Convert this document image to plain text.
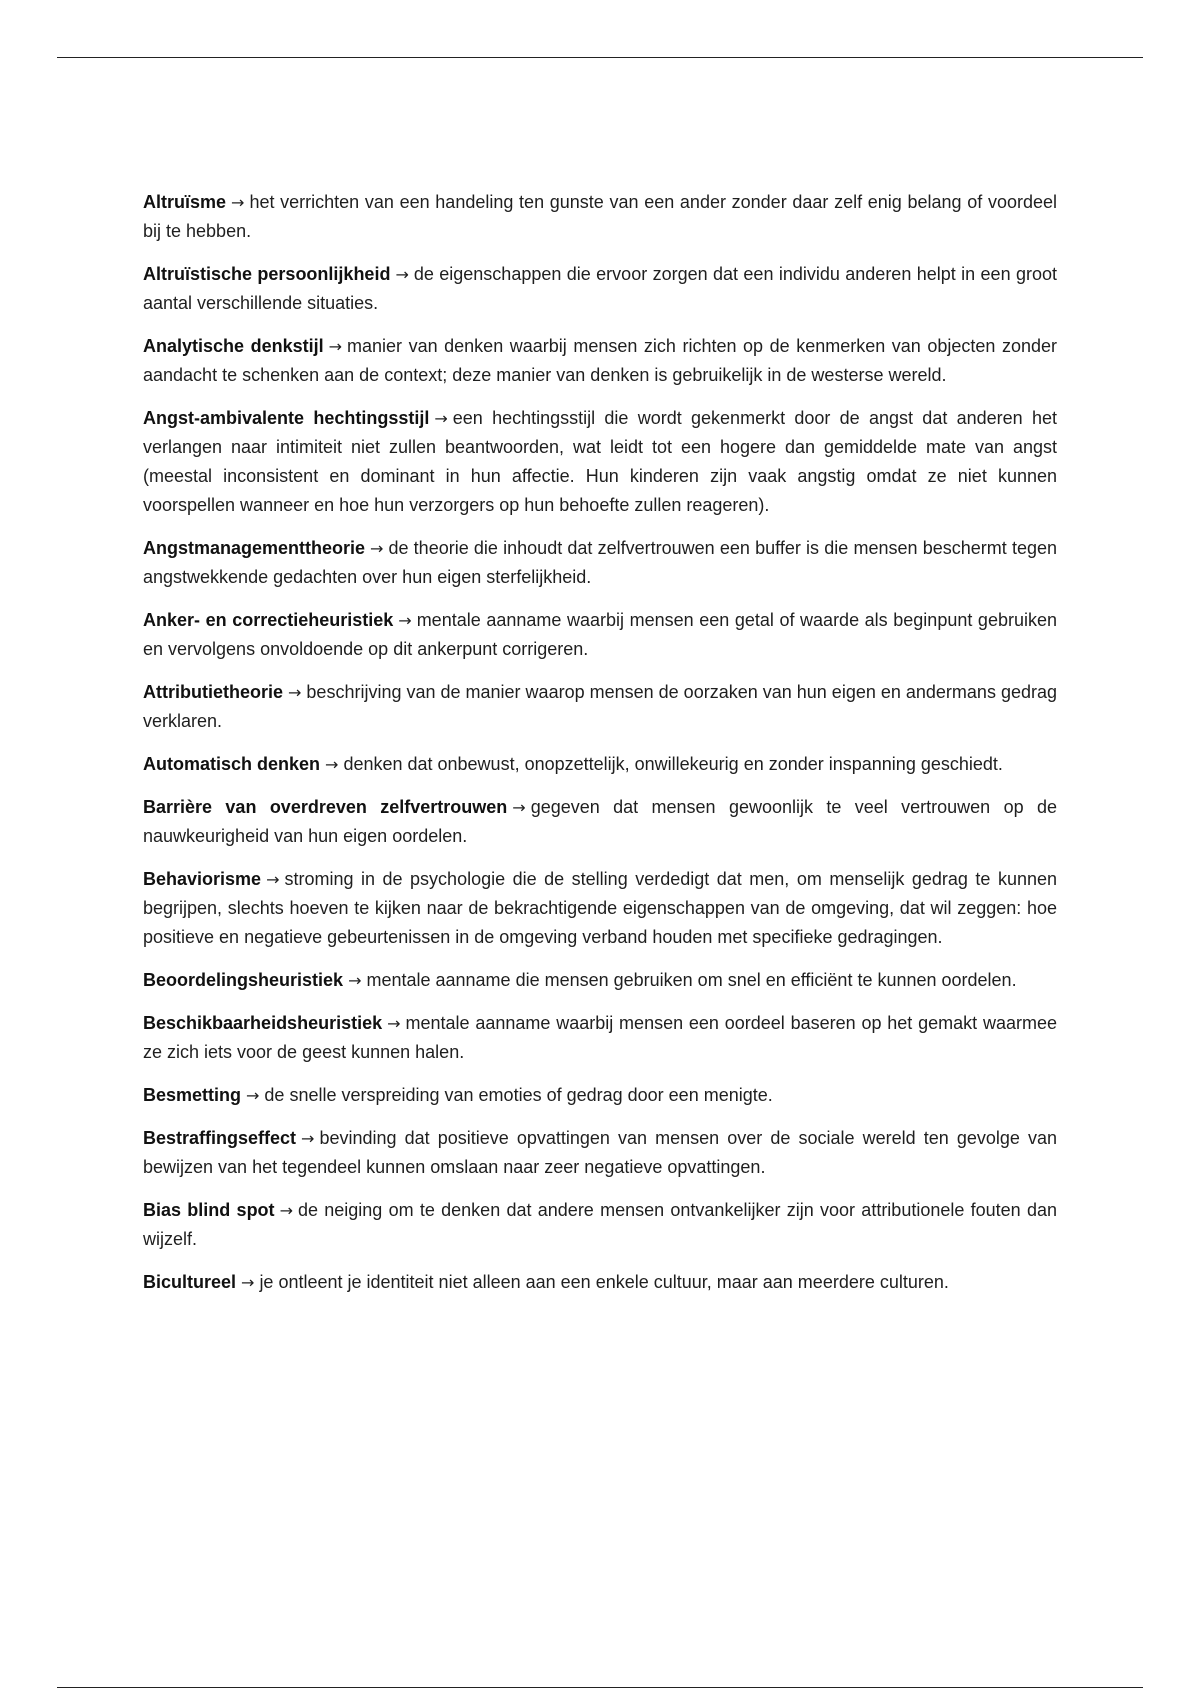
Altruïsme → het verrichten van een handeling ten gunste van een ander zonder daar zelf enig belang of voordeel bij te hebben.

Altruïstische persoonlijkheid → de eigenschappen die ervoor zorgen dat een individu anderen helpt in een groot aantal verschillende situaties.

Analytische denkstijl → manier van denken waarbij mensen zich richten op de kenmerken van objecten zonder aandacht te schenken aan de context; deze manier van denken is gebruikelijk in de westerse wereld.

Angst-ambivalente hechtingsstijl → een hechtingsstijl die wordt gekenmerkt door de angst dat anderen het verlangen naar intimiteit niet zullen beantwoorden, wat leidt tot een hogere dan gemiddelde mate van angst (meestal inconsistent en dominant in hun affectie. Hun kinderen zijn vaak angstig omdat ze niet kunnen voorspellen wanneer en hoe hun verzorgers op hun behoefte zullen reageren).

Angstmanagementtheorie → de theorie die inhoudt dat zelfvertrouwen een buffer is die mensen beschermt tegen angstwekkende gedachten over hun eigen sterfelijkheid.

Anker- en correctieheuristiek → mentale aanname waarbij mensen een getal of waarde als beginpunt gebruiken en vervolgens onvoldoende op dit ankerpunt corrigeren.

Attributietheorie → beschrijving van de manier waarop mensen de oorzaken van hun eigen en andermans gedrag verklaren.

Automatisch denken → denken dat onbewust, onopzettelijk, onwillekeurig en zonder inspanning geschiedt.

Barrière van overdreven zelfvertrouwen → gegeven dat mensen gewoonlijk te veel vertrouwen op de nauwkeurigheid van hun eigen oordelen.

Behaviorisme → stroming in de psychologie die de stelling verdedigt dat men, om menselijk gedrag te kunnen begrijpen, slechts hoeven te kijken naar de bekrachtigende eigenschappen van de omgeving, dat wil zeggen: hoe positieve en negatieve gebeurtenissen in de omgeving verband houden met specifieke gedragingen.

Beoordelingsheuristiek → mentale aanname die mensen gebruiken om snel en efficiënt te kunnen oordelen.

Beschikbaarheidsheuristiek → mentale aanname waarbij mensen een oordeel baseren op het gemakt waarmee ze zich iets voor de geest kunnen halen.

Besmetting → de snelle verspreiding van emoties of gedrag door een menigte.

Bestraffingseffect → bevinding dat positieve opvattingen van mensen over de sociale wereld ten gevolge van bewijzen van het tegendeel kunnen omslaan naar zeer negatieve opvattingen.

Bias blind spot → de neiging om te denken dat andere mensen ontvankelijker zijn voor attributionele fouten dan wijzelf.

Bicultureel → je ontleent je identiteit niet alleen aan een enkele cultuur, maar aan meerdere culturen.
